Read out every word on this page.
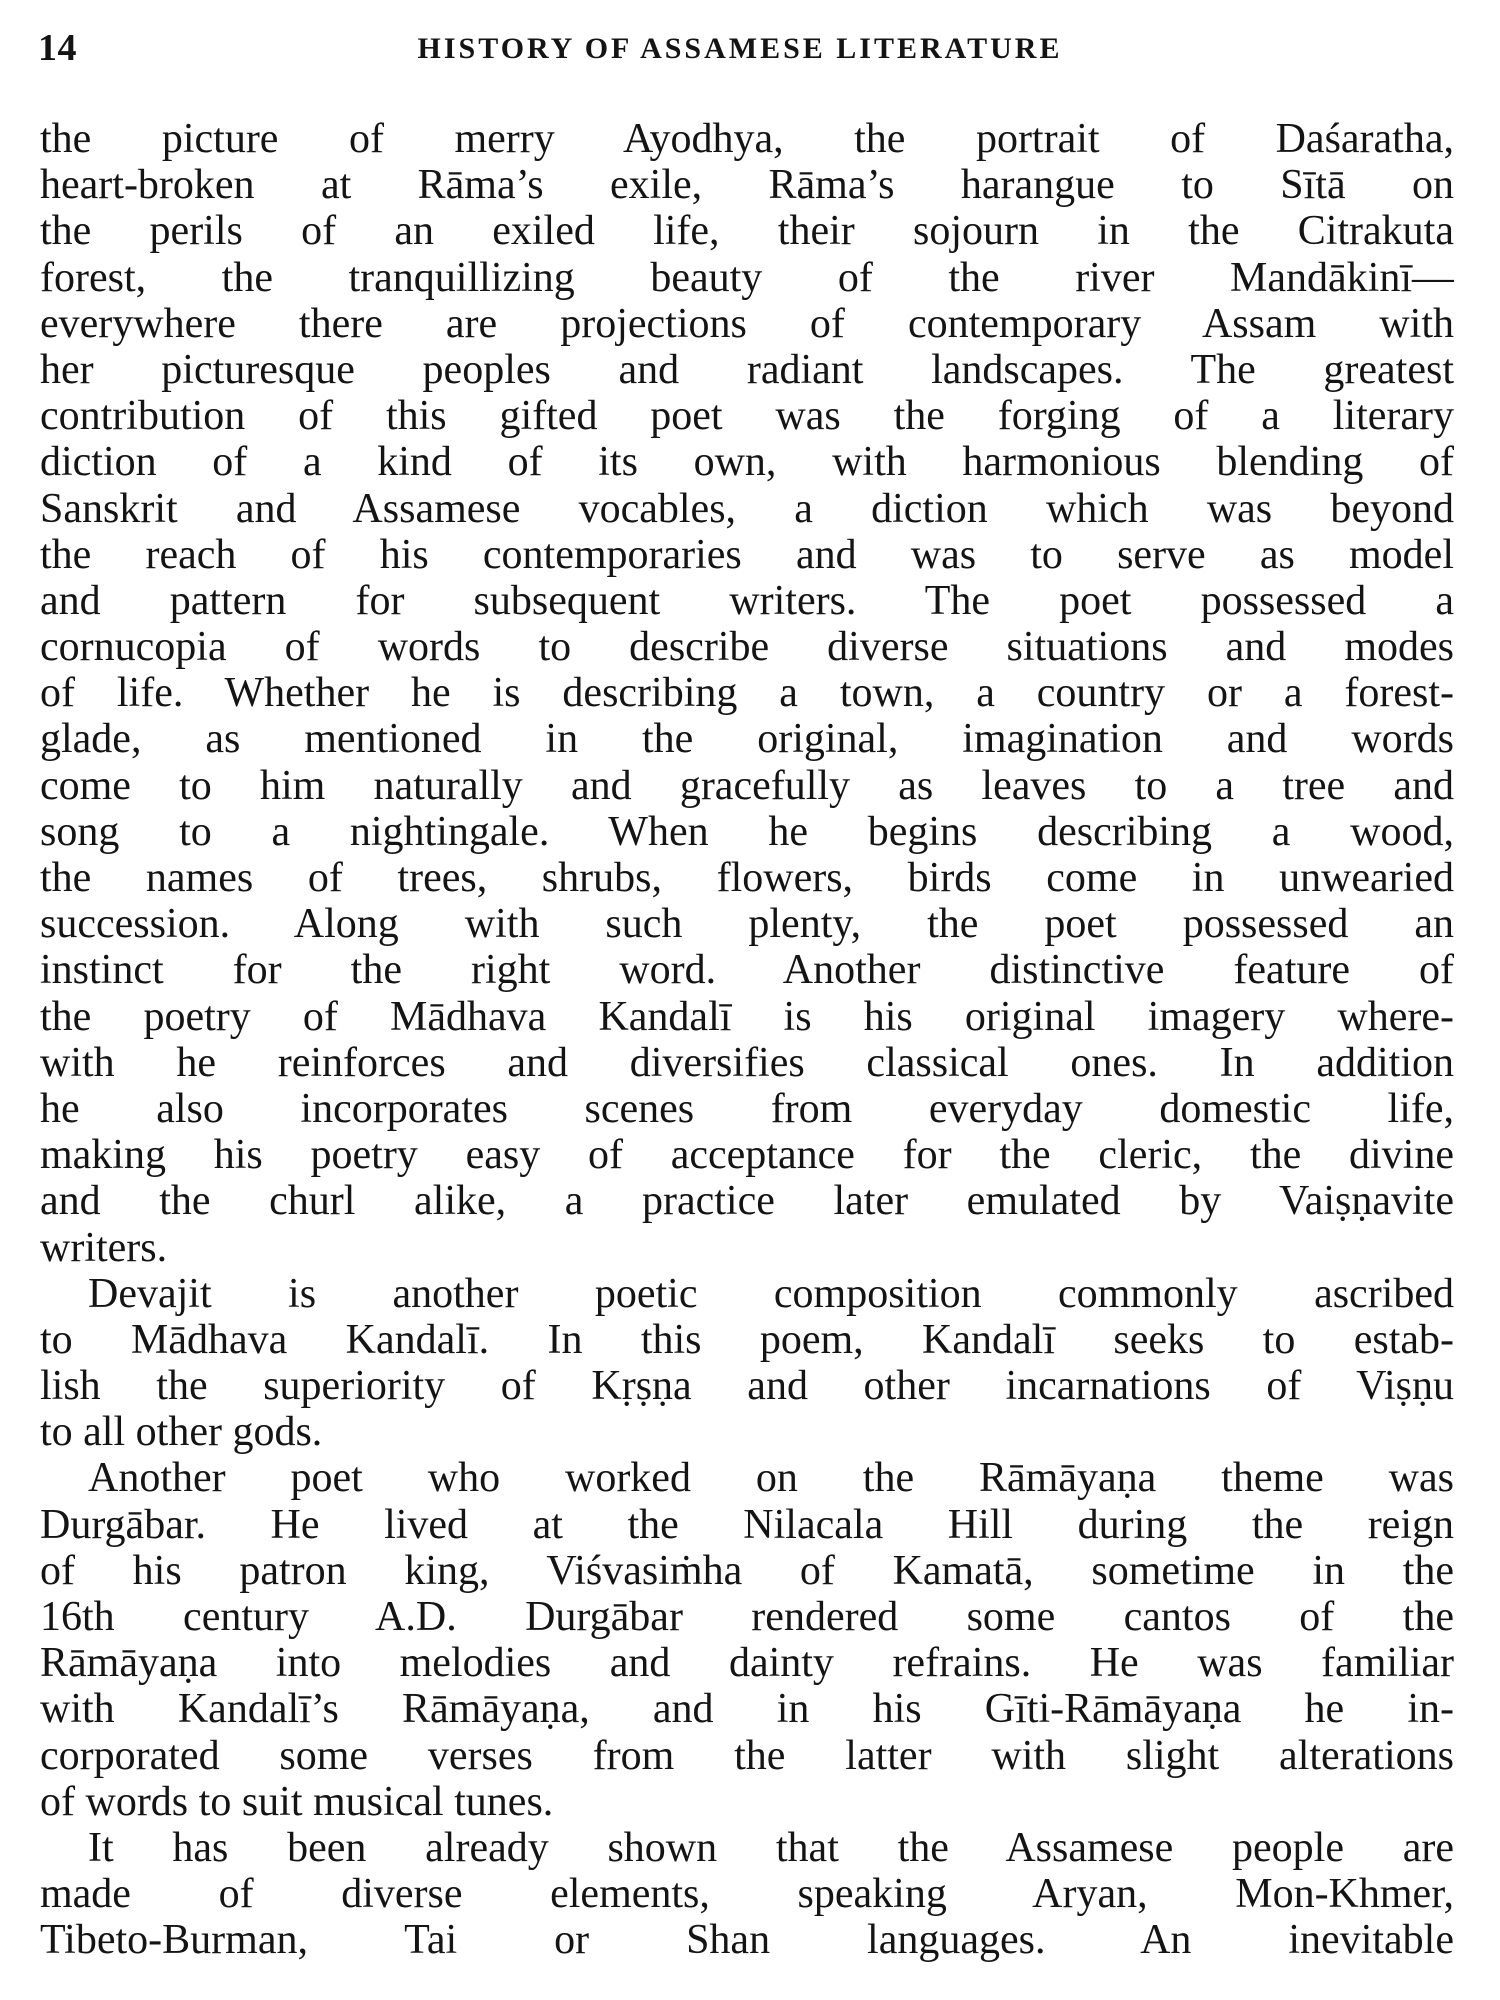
14	HISTORY OF ASSAMESE LITERATURE
the picture of merry Ayodhya, the portrait of Daśaratha,
heart-broken at Rāma’s exile, Rāma’s harangue to Sītā on
the perils of an exiled life, their sojourn in the Citrakuta
forest, the tranquillizing beauty of the river Mandākinī—
everywhere there are projections of contemporary Assam with
her picturesque peoples and radiant landscapes. The greatest
contribution of this gifted poet was the forging of a literary
diction of a kind of its own, with harmonious blending of
Sanskrit and Assamese vocables, a diction which was beyond
the reach of his contemporaries and was to serve as model
and pattern for subsequent writers. The poet possessed a
cornucopia of words to describe diverse situations and modes
of life. Whether he is describing a town, a country or a forest-
glade, as mentioned in the original, imagination and words
come to him naturally and gracefully as leaves to a tree and
song to a nightingale. When he begins describing a wood,
the names of trees, shrubs, flowers, birds come in unwearied
succession. Along with such plenty, the poet possessed an
instinct for the right word. Another distinctive feature of
the poetry of Mādhava Kandalī is his original imagery where-
with he reinforces and diversifies classical ones. In addition
he also incorporates scenes from everyday domestic life,
making his poetry easy of acceptance for the cleric, the divine
and the churl alike, a practice later emulated by Vaiṣṇavite
writers.
Devajit is another poetic composition commonly ascribed
to Mādhava Kandalī. In this poem, Kandalī seeks to estab-
lish the superiority of Kṛṣṇa and other incarnations of Viṣṇu
to all other gods.
Another poet who worked on the Rāmāyaṇa theme was
Durgābar. He lived at the Nilacala Hill during the reign
of his patron king, Viśvasiṁha of Kamatā, sometime in the
16th century A.D. Durgābar rendered some cantos of the
Rāmāyaṇa into melodies and dainty refrains. He was familiar
with Kandalī’s Rāmāyaṇa, and in his Gīti-Rāmāyaṇa he in-
corporated some verses from the latter with slight alterations
of words to suit musical tunes.
It has been already shown that the Assamese people are
made of diverse elements, speaking Aryan, Mon-Khmer,
Tibeto-Burman, Tai or Shan languages. An inevitable
